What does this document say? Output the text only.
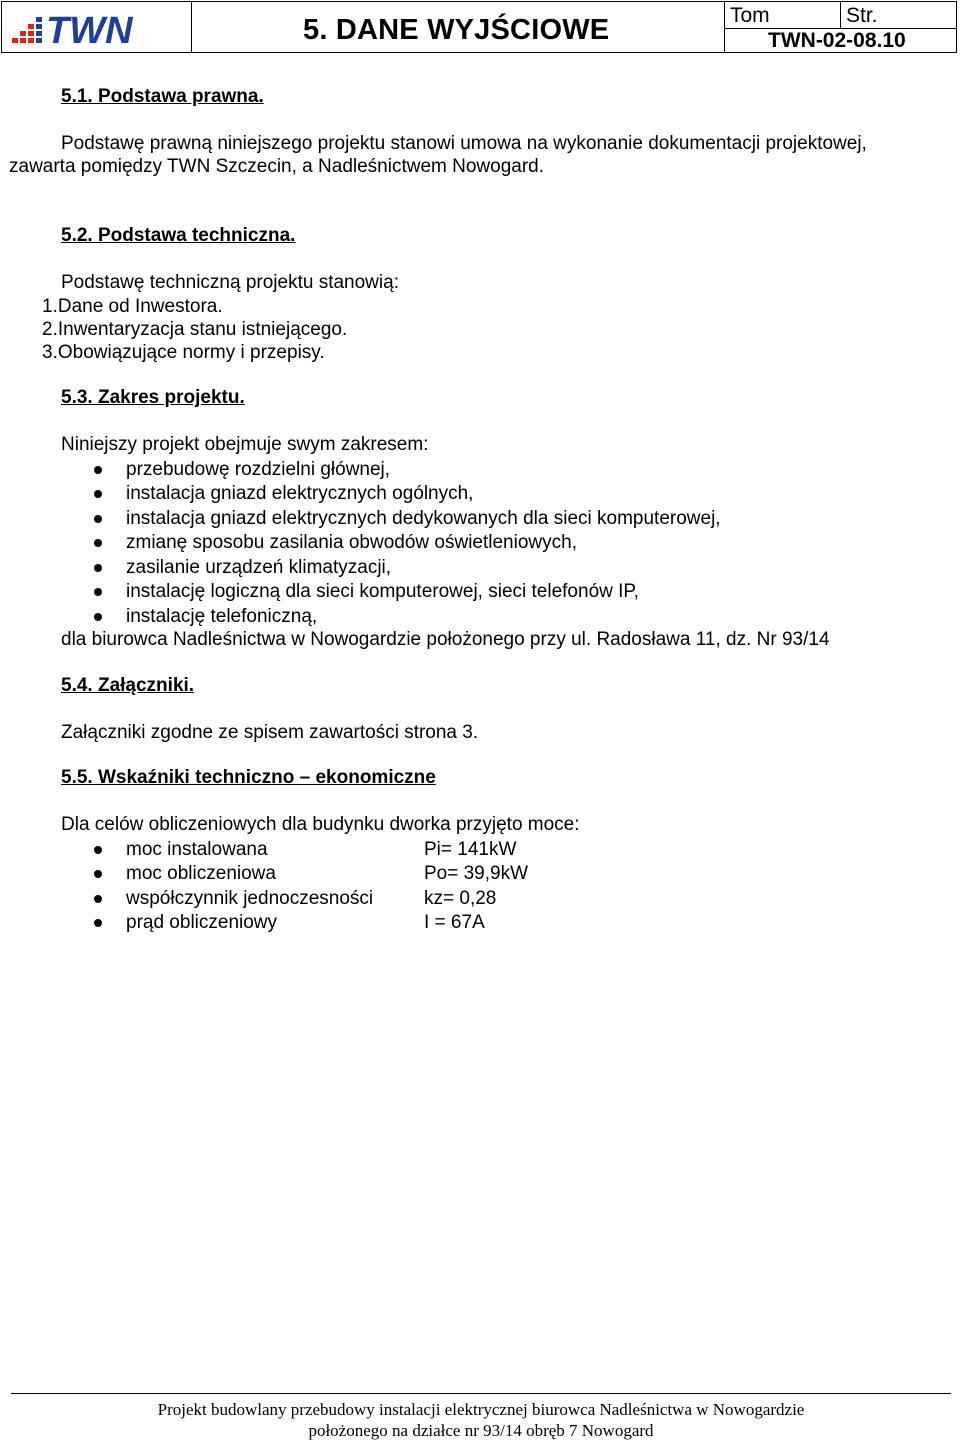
TWN	5. DANE WYJŚCIOWE	Tom	Str.
TWN-02-08.10
5.1. Podstawa prawna.
Podstawę prawną niniejszego projektu stanowi umowa na wykonanie dokumentacji projektowej,
zawarta pomiędzy TWN Szczecin, a Nadleśnictwem Nowogard.
5.2. Podstawa techniczna.
Podstawę techniczną projektu stanowią:
1.Dane od Inwestora.
2.Inwentaryzacja stanu istniejącego.
3.Obowiązujące normy i przepisy.
5.3. Zakres projektu.
Niniejszy projekt obejmuje swym zakresem:
przebudowę rozdzielni głównej,
instalacja gniazd elektrycznych ogólnych,
instalacja gniazd elektrycznych dedykowanych dla sieci komputerowej,
zmianę sposobu zasilania obwodów oświetleniowych,
zasilanie urządzeń klimatyzacji,
instalację logiczną dla sieci komputerowej, sieci telefonów IP,
instalację telefoniczną,
dla biurowca Nadleśnictwa w Nowogardzie położonego przy ul. Radosława 11, dz. Nr 93/14
5.4. Załączniki.
Załączniki zgodne ze spisem zawartości strona 3.
5.5. Wskaźniki techniczno – ekonomiczne
Dla celów obliczeniowych dla budynku dworka przyjęto moce:
moc instalowana	Pi= 141kW
moc obliczeniowa	Po= 39,9kW
współczynnik jednoczesności	kz= 0,28
prąd obliczeniowy	I = 67A
Projekt budowlany przebudowy instalacji elektrycznej biurowca Nadleśnictwa w Nowogardzie
położonego na działce nr 93/14 obręb 7 Nowogard
